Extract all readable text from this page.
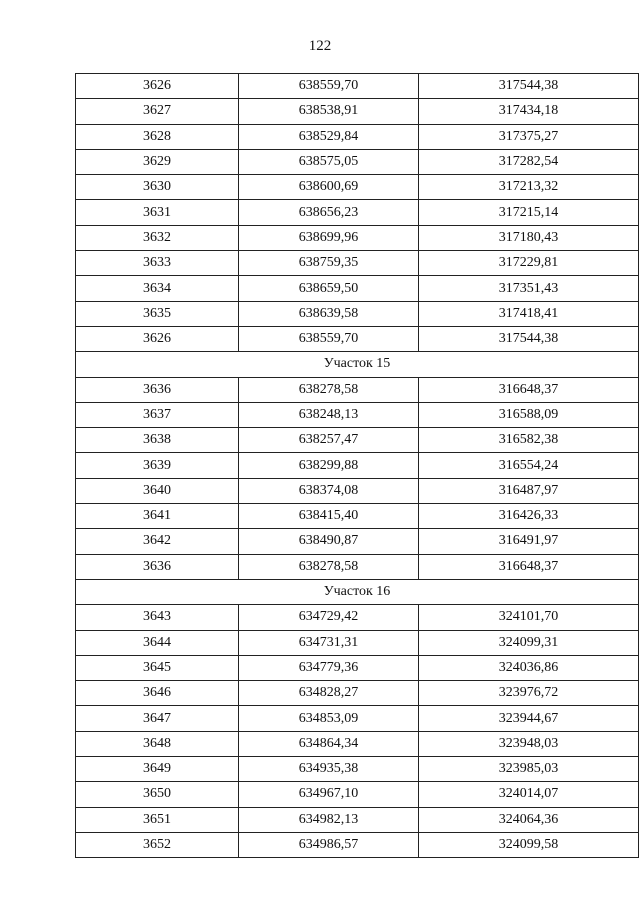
122
3626	638559,70	317544,38
3627	638538,91	317434,18
3628	638529,84	317375,27
3629	638575,05	317282,54
3630	638600,69	317213,32
3631	638656,23	317215,14
3632	638699,96	317180,43
3633	638759,35	317229,81
3634	638659,50	317351,43
3635	638639,58	317418,41
3626	638559,70	317544,38
Участок 15		
3636	638278,58	316648,37
3637	638248,13	316588,09
3638	638257,47	316582,38
3639	638299,88	316554,24
3640	638374,08	316487,97
3641	638415,40	316426,33
3642	638490,87	316491,97
3636	638278,58	316648,37
Участок 16		
3643	634729,42	324101,70
3644	634731,31	324099,31
3645	634779,36	324036,86
3646	634828,27	323976,72
3647	634853,09	323944,67
3648	634864,34	323948,03
3649	634935,38	323985,03
3650	634967,10	324014,07
3651	634982,13	324064,36
3652	634986,57	324099,58
